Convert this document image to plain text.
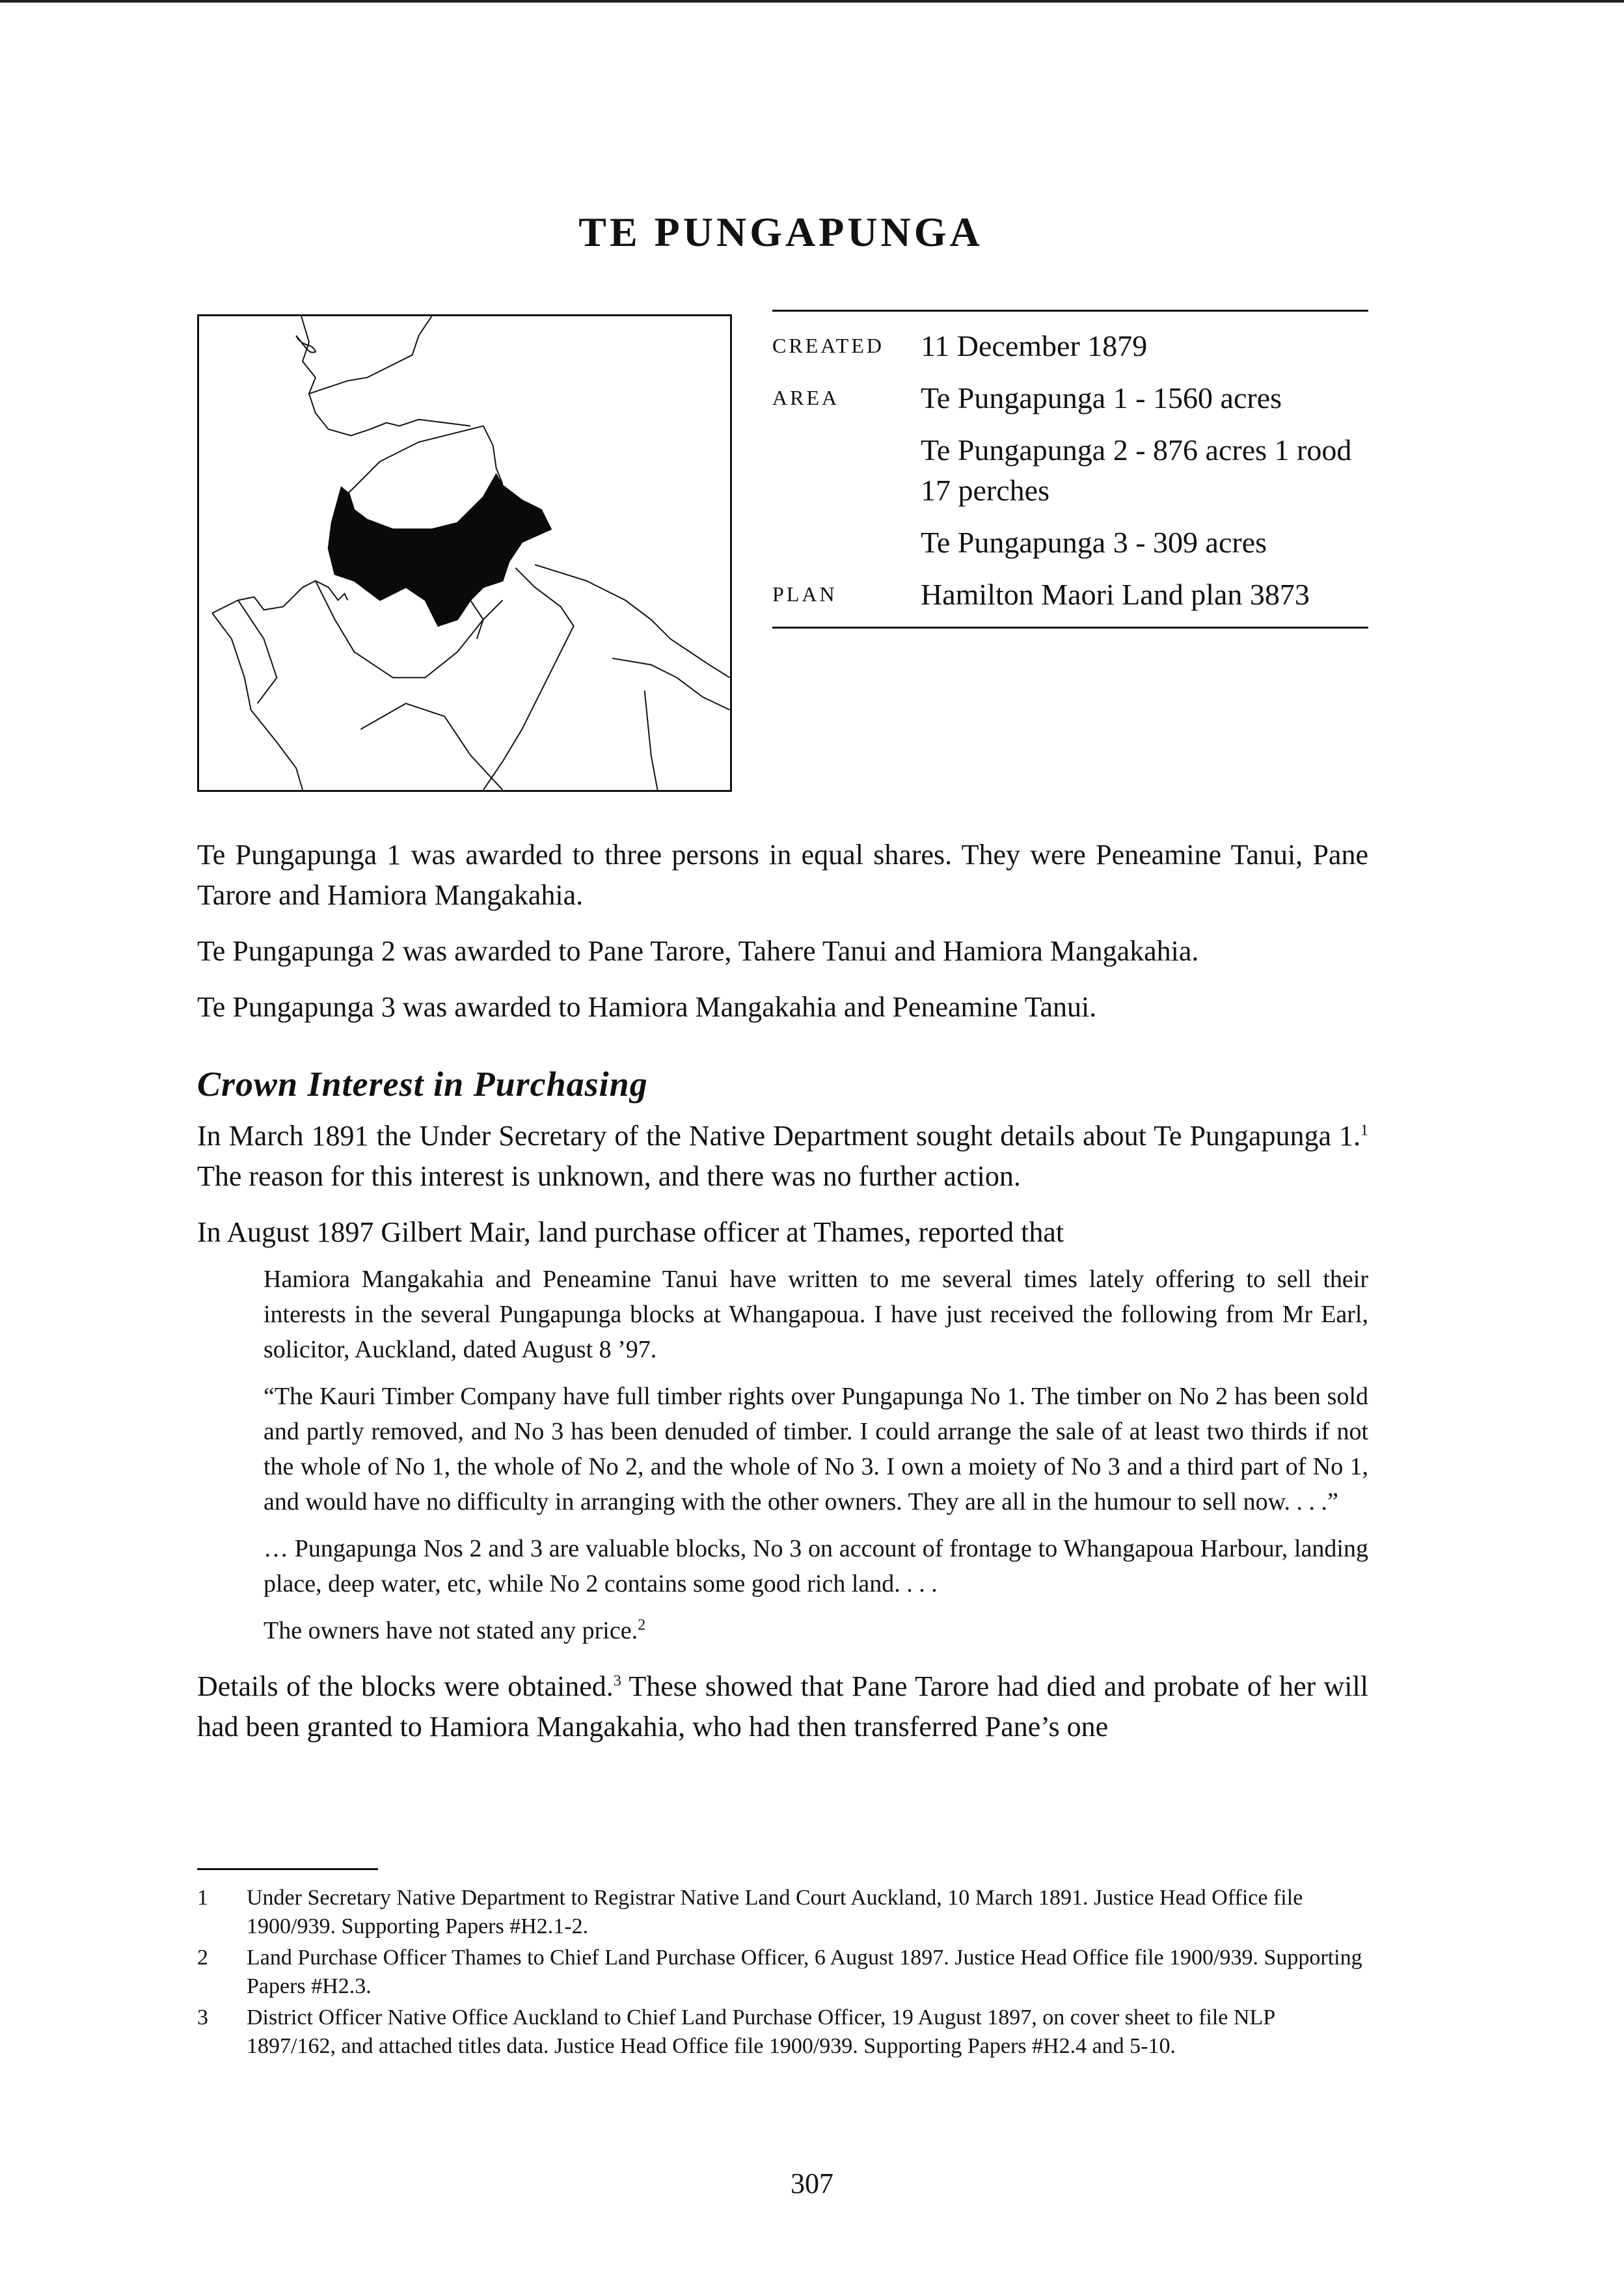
TE PUNGAPUNGA
CREATED 11 December 1879
AREA	Te Pungapunga 1 - 1560 acres
Te Pungapunga 2 - 876 acres 1 rood 17 perches
Te Pungapunga 3 - 309 acres
PLAN	Hamilton Maori Land plan 3873

Te Pungapunga 1 was awarded to three persons in equal shares. They were Peneamine Tanui, Pane Tarore and Hamiora Mangakahia.

Te Pungapunga 2 was awarded to Pane Tarore, Tahere Tanui and Hamiora Mangakahia.

Te Pungapunga 3 was awarded to Hamiora Mangakahia and Peneamine Tanui.

Crown Interest in Purchasing

In March 1891 the Under Secretary of the Native Department sought details about Te Pungapunga 1.$^1$ The reason for this interest is unknown, and there was no further action.

In August 1897 Gilbert Mair, land purchase officer at Thames, reported that

Hamiora Mangakahia and Peneamine Tanui have written to me several times lately offering to sell their interests in the several Pungapunga blocks at Whangapoua. I have just received the following from Mr Earl, solicitor, Auckland, dated August 8 ’97.
“The Kauri Timber Company have full timber rights over Pungapunga No 1. The timber on No 2 has been sold and partly removed, and No 3 has been denuded of timber. I could arrange the sale of at least two thirds if not the whole of No 1, the whole of No 2, and the whole of No 3. I own a moiety of No 3 and a third part of No 1, and would have no difficulty in arranging with the other owners. They are all in the humour to sell now. . . .”
… Pungapunga Nos 2 and 3 are valuable blocks, No 3 on account of frontage to Whangapoua Harbour, landing place, deep water, etc, while No 2 contains some good rich land. . . .
The owners have not stated any price.$^2$

Details of the blocks were obtained.$^3$ These showed that Pane Tarore had died and probate of her will had been granted to Hamiora Mangakahia, who had then transferred Pane’s one

1	Under Secretary Native Department to Registrar Native Land Court Auckland, 10 March 1891. Justice Head Office file 1900/939. Supporting Papers #H2.1-2.
2	Land Purchase Officer Thames to Chief Land Purchase Officer, 6 August 1897. Justice Head Office file 1900/939. Supporting Papers #H2.3.
3	District Officer Native Office Auckland to Chief Land Purchase Officer, 19 August 1897, on cover sheet to file NLP 1897/162, and attached titles data. Justice Head Office file 1900/939. Supporting Papers #H2.4 and 5-10.
307
